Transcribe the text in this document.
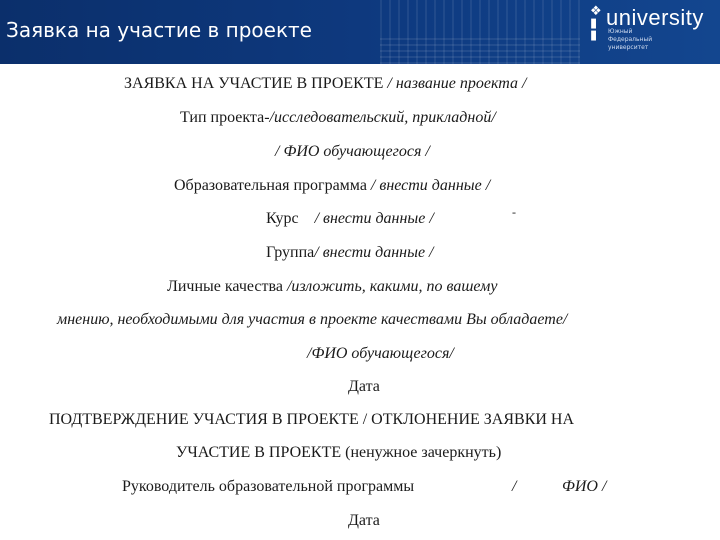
Заявка на участие в проекте
❖
▮
▮
university
Южный
Федеральный
университет
ЗАЯВКА НА УЧАСТИЕ В ПРОЕКТЕ / название проекта /
Тип проекта-/исследовательский, прикладной/
/ ФИО обучающегося /
Образовательная программа / внести данные /
Курс / внести данные /	-
Группа/ внести данные /
Личные качества /изложить, какими, по вашему
мнению, необходимыми для участия в проекте качествами Вы обладаете/
/ФИО обучающегося/
Дата
ПОДТВЕРЖДЕНИЕ УЧАСТИЯ В ПРОЕКТЕ / ОТКЛОНЕНИЕ ЗАЯВКИ НА
УЧАСТИЕ В ПРОЕКТЕ (ненужное зачеркнуть)
Руководитель образовательной программы	/	ФИО /
Дата
